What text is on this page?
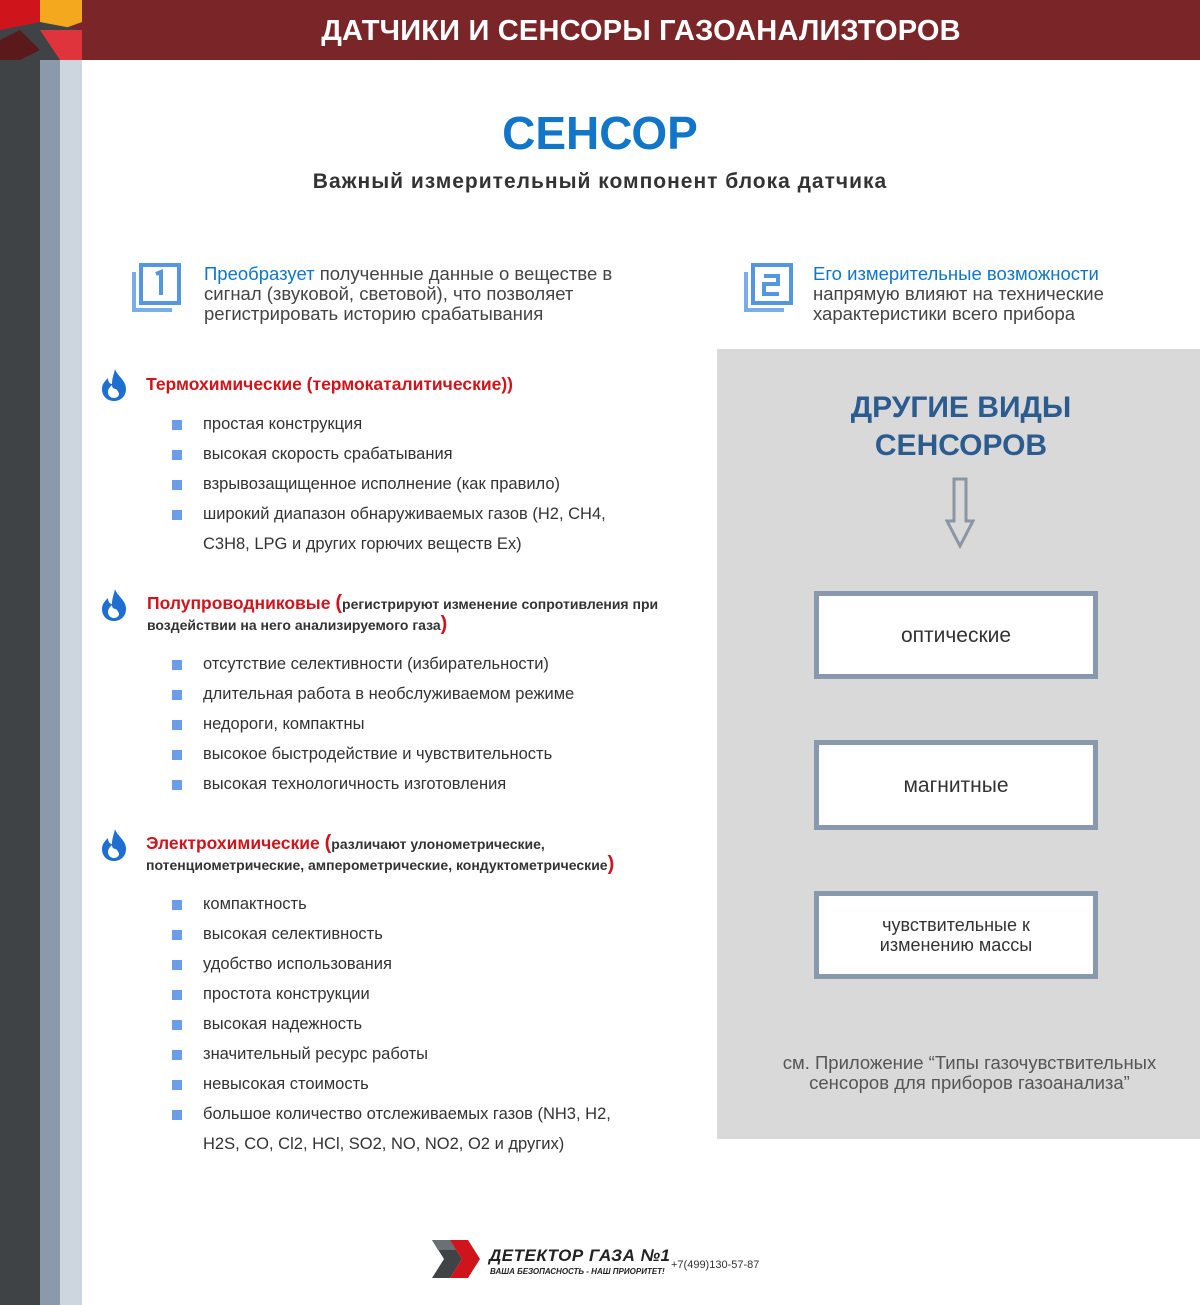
ДАТЧИКИ И СЕНСОРЫ ГАЗОАНАЛИЗТОРОВ
СЕНСОР
Важный измерительный компонент блока датчика
Преобразует полученные данные о веществе в сигнал (звуковой, световой), что позволяет регистрировать историю срабатывания
Его измерительные возможности
напрямую влияют на технические характеристики всего прибора
Термохимические (термокаталитические))
простая конструкция
высокая скорость срабатывания
взрывозащищенное исполнение (как правило)
широкий диапазон обнаруживаемых газов (H2, CH4,
C3H8, LPG и других горючих веществ Ex)
Полупроводниковые (регистрируют изменение сопротивления при воздействии на него анализируемого газа)
отсутствие селективности (избирательности)
длительная работа в необслуживаемом режиме
недороги, компактны
высокое быстродействие и чувствительность
высокая технологичность изготовления
Электрохимические (различают улонометрические, потенциометрические, амперометрические, кондуктометрические)
компактность
высокая селективность
удобство использования
простота конструкции
высокая надежность
значительный ресурс работы
невысокая стоимость
большое количество отслеживаемых газов (NH3, H2,
H2S, CO, Cl2, HCl, SO2, NO, NO2, O2 и других)
ДРУГИЕ ВИДЫ СЕНСОРОВ
оптические
магнитные
чувствительные к изменению массы
см. Приложение “Типы газочувствительных сенсоров для приборов газоанализа”
ДЕТЕКТОР ГАЗА №1
ВАША БЕЗОПАСНОСТЬ - НАШ ПРИОРИТЕТ!
+7(499)130-57-87
